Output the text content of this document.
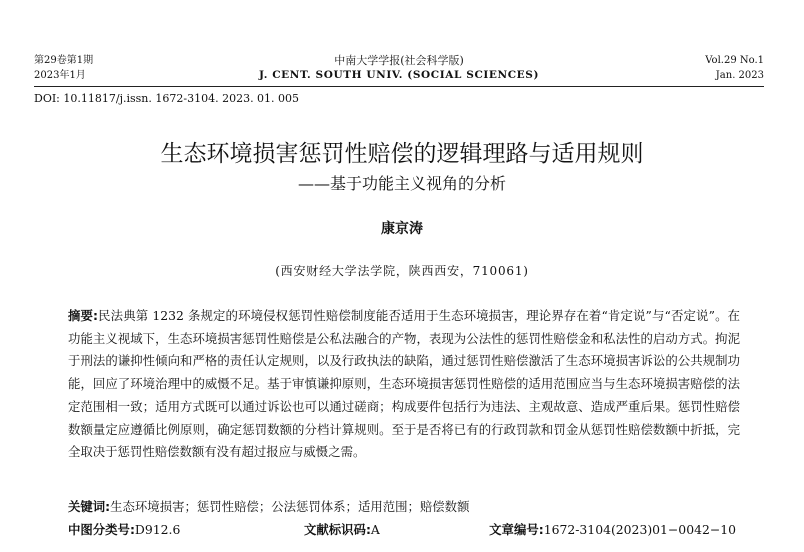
第29卷第1期
2023年1月
中南大学学报(社会科学版)
J. CENT. SOUTH UNIV. (SOCIAL SCIENCES)
Vol.29 No.1
Jan. 2023
DOI: 10.11817/j.issn. 1672-3104. 2023. 01. 005
生态环境损害惩罚性赔偿的逻辑理路与适用规则
——基于功能主义视角的分析
康京涛
(西安财经大学法学院，陕西西安，710061)
摘要:民法典第 1232 条规定的环境侵权惩罚性赔偿制度能否适用于生态环境损害，理论界存在着“肯定说”与“否定说”。在功能主义视域下，生态环境损害惩罚性赔偿是公私法融合的产物，表现为公法性的惩罚性赔偿金和私法性的启动方式。拘泥于刑法的谦抑性倾向和严格的责任认定规则，以及行政执法的缺陷，通过惩罚性赔偿激活了生态环境损害诉讼的公共规制功能，回应了环境治理中的威慑不足。基于审慎谦抑原则，生态环境损害惩罚性赔偿的适用范围应当与生态环境损害赔偿的法定范围相一致；适用方式既可以通过诉讼也可以通过磋商；构成要件包括行为违法、主观故意、造成严重后果。惩罚性赔偿数额量定应遵循比例原则，确定惩罚数额的分档计算规则。至于是否将已有的行政罚款和罚金从惩罚性赔偿数额中折抵，完全取决于惩罚性赔偿数额有没有超过报应与威慑之需。
关键词:生态环境损害；惩罚性赔偿；公法惩罚体系；适用范围；赔偿数额
中图分类号:D912.6	文献标识码:A	文章编号:1672-3104(2023)01−0042−10
